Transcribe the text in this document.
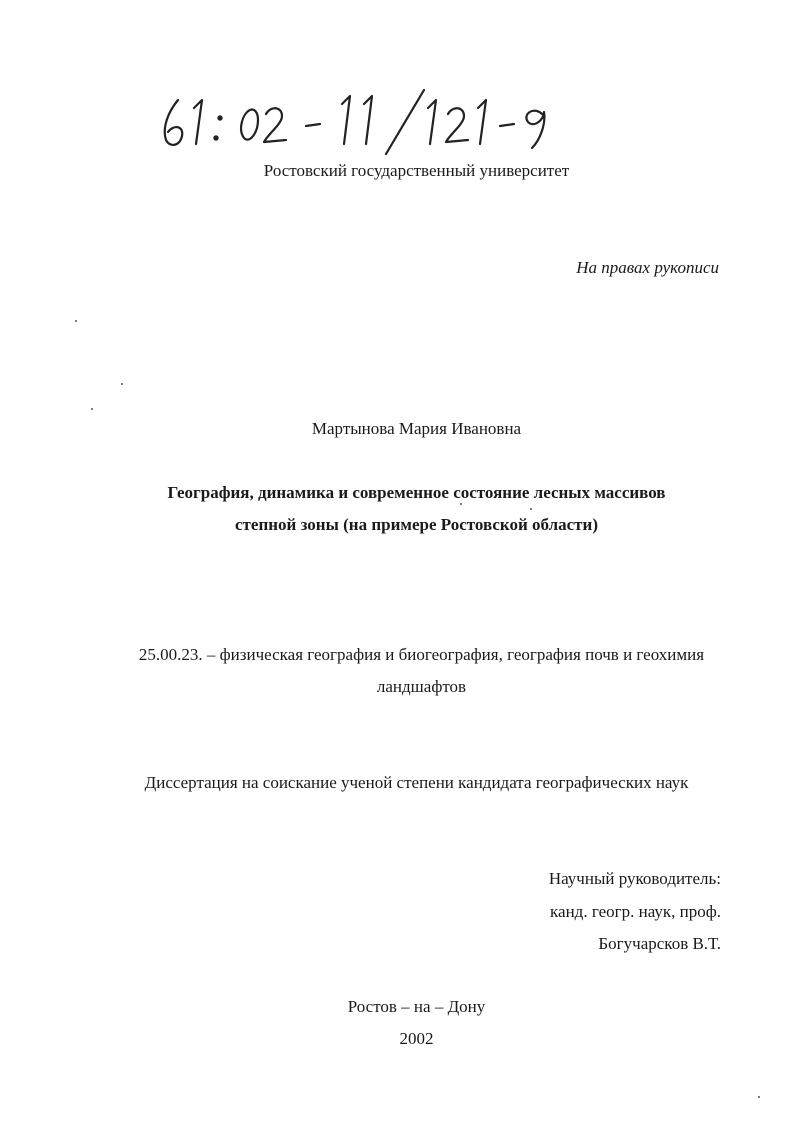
Ростовский государственный университет
На правах рукописи
Мартынова Мария Ивановна
География, динамика и современное состояние лесных массивов
степной зоны (на примере Ростовской области)
25.00.23. – физическая география и биогеография, география почв и геохимия
ландшафтов
Диссертация на соискание ученой степени кандидата географических наук
Научный руководитель:
канд. геогр. наук, проф.
Богучарсков В.Т.
Ростов – на – Дону
2002
